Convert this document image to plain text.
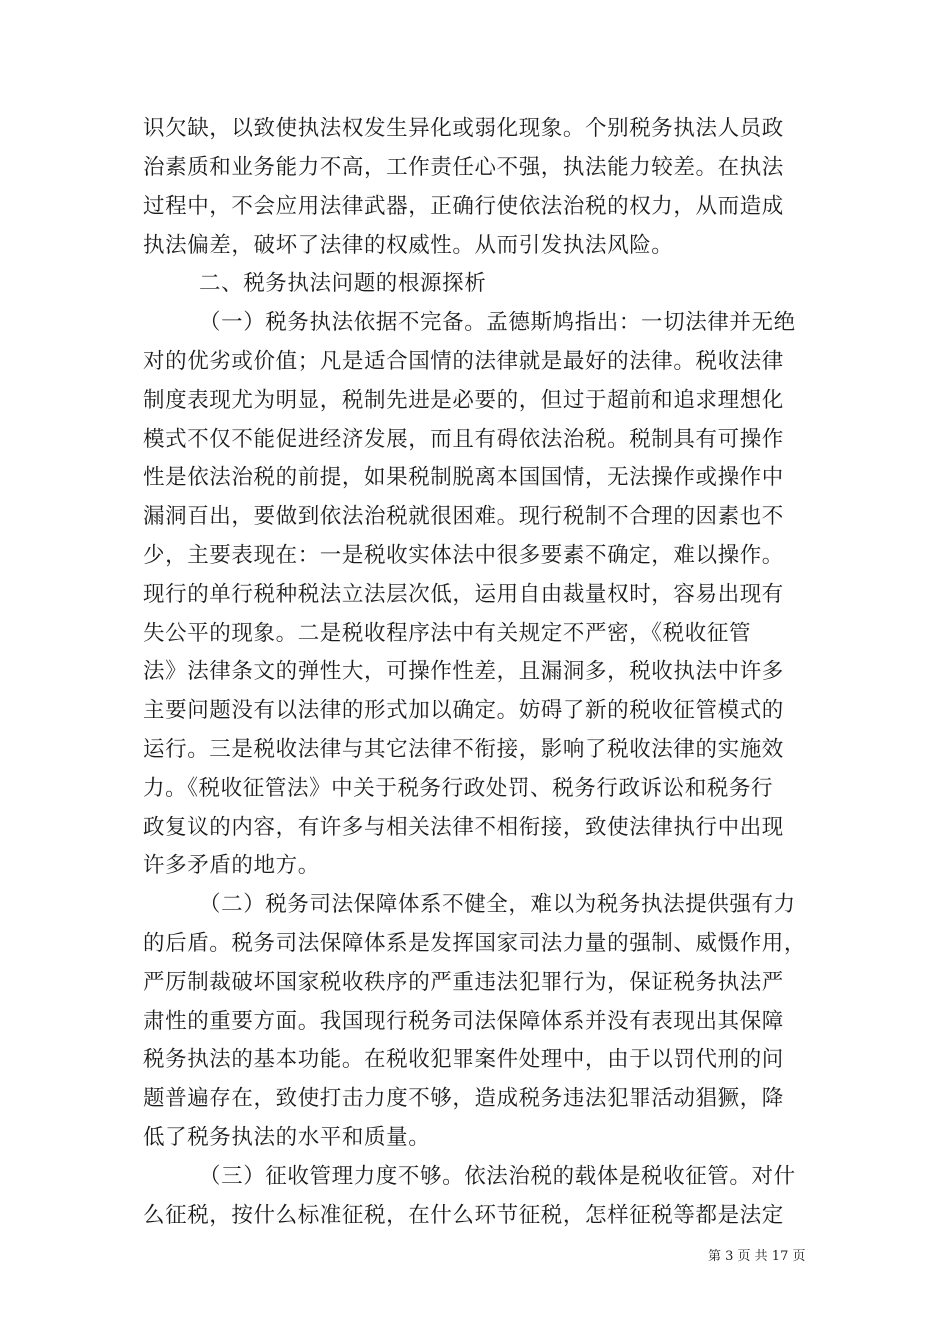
识欠缺，以致使执法权发生异化或弱化现象。个别税务执法人员政
治素质和业务能力不高，工作责任心不强，执法能力较差。在执法
过程中，不会应用法律武器，正确行使依法治税的权力，从而造成
执法偏差，破坏了法律的权威性。从而引发执法风险。
二、税务执法问题的根源探析
（一）税务执法依据不完备。孟德斯鸠指出：一切法律并无绝
对的优劣或价值；凡是适合国情的法律就是最好的法律。税收法律
制度表现尤为明显，税制先进是必要的，但过于超前和追求理想化
模式不仅不能促进经济发展，而且有碍依法治税。税制具有可操作
性是依法治税的前提，如果税制脱离本国国情，无法操作或操作中
漏洞百出，要做到依法治税就很困难。现行税制不合理的因素也不
少，主要表现在：一是税收实体法中很多要素不确定，难以操作。
现行的单行税种税法立法层次低，运用自由裁量权时，容易出现有
失公平的现象。二是税收程序法中有关规定不严密，《税收征管
法》法律条文的弹性大，可操作性差，且漏洞多，税收执法中许多
主要问题没有以法律的形式加以确定。妨碍了新的税收征管模式的
运行。三是税收法律与其它法律不衔接，影响了税收法律的实施效
力。《税收征管法》中关于税务行政处罚、税务行政诉讼和税务行
政复议的内容，有许多与相关法律不相衔接，致使法律执行中出现
许多矛盾的地方。
（二）税务司法保障体系不健全，难以为税务执法提供强有力
的后盾。税务司法保障体系是发挥国家司法力量的强制、威慑作用，
严厉制裁破坏国家税收秩序的严重违法犯罪行为，保证税务执法严
肃性的重要方面。我国现行税务司法保障体系并没有表现出其保障
税务执法的基本功能。在税收犯罪案件处理中，由于以罚代刑的问
题普遍存在，致使打击力度不够，造成税务违法犯罪活动猖獗，降
低了税务执法的水平和质量。
（三）征收管理力度不够。依法治税的载体是税收征管。对什
么征税，按什么标准征税，在什么环节征税，怎样征税等都是法定
第 3 页 共 17 页
